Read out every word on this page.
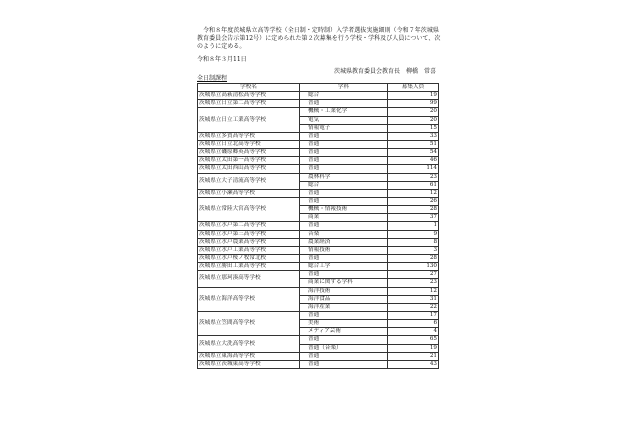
令和８年度茨城県立高等学校（全日制・定時制）入学者選抜実施細則（令和７年茨城県教育委員会告示第12号）に定められた第２次募集を行う学校・学科及び人員について、次のように定める。

令和８年３月11日
茨城県教育委員会教育長　柳橋　常喜
全日制課程
学校名	学科	募集人員
茨城県立高萩清松高等学校	総合	19
茨城県立日立第二高等学校	普通	99
茨城県立日立工業高等学校	機械・工業化学	20
	電気	20
	情報電子	15
茨城県立多賀高等学校	普通	33
茨城県立日立北高等学校	普通	51
茨城県立磯原郷英高等学校	普通	54
茨城県立太田第一高等学校	普通	46
茨城県立太田西山高等学校	普通	114
茨城県立大子清流高等学校	農林科学	23
	総合	61
茨城県立小瀬高等学校	普通	12
茨城県立常陸大宮高等学校	普通	26
	機械・情報技術	28
	商業	37
茨城県立水戸第二高等学校	普通	1
茨城県立水戸第三高等学校	音楽	9
茨城県立水戸農業高等学校	農業経済	8
茨城県立水戸工業高等学校	情報技術	3
茨城県立水戸桜ノ牧常北校	普通	28
茨城県立勝田工業高等学校	総合工学	130
茨城県立那珂湊高等学校	普通	27
	商業に関する学科	23
茨城県立海洋高等学校	海洋技術	12
	海洋食品	31
	海洋産業	22
茨城県立笠間高等学校	普通	17
	美術	6
	メディア芸術	4
茨城県立大洗高等学校	普通	65
	普通（音楽）	19
茨城県立東海高等学校	普通	21
茨城県立茨城東高等学校	普通	43
